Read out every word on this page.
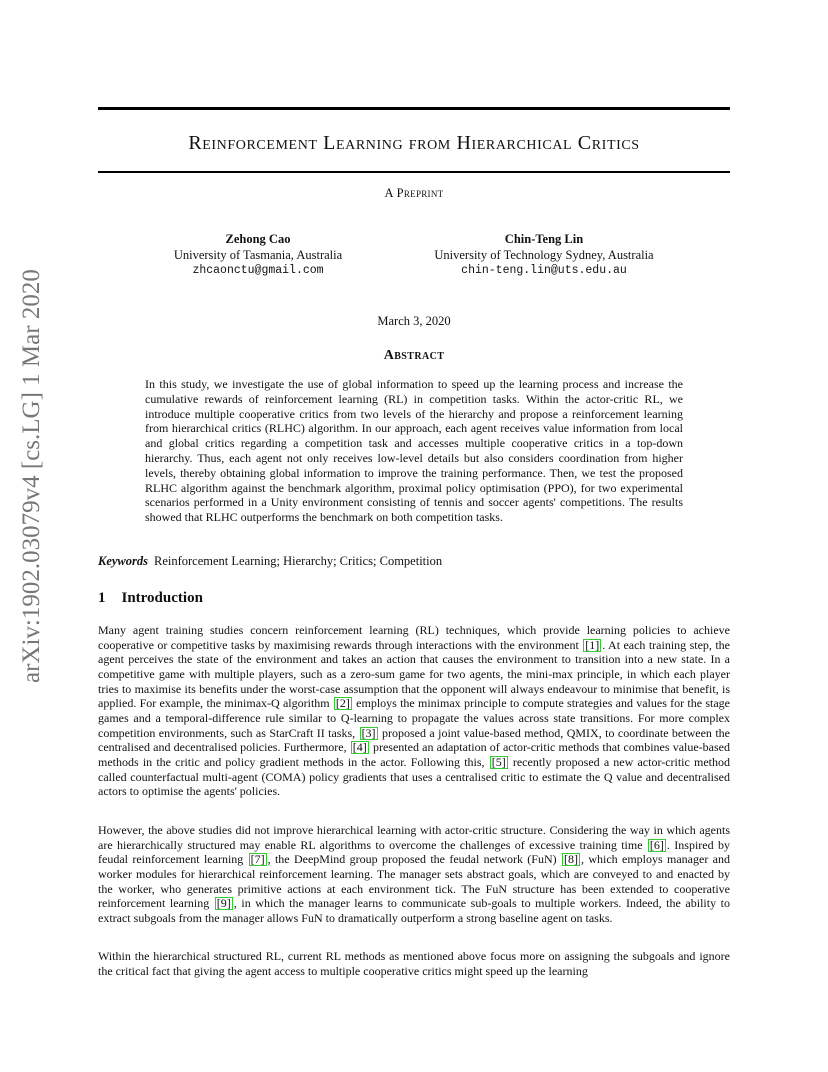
arXiv:1902.03079v4 [cs.LG] 1 Mar 2020
Reinforcement Learning from Hierarchical Critics
A Preprint
Zehong Cao
University of Tasmania, Australia
zhcaonctu@gmail.com
Chin-Teng Lin
University of Technology Sydney, Australia
chin-teng.lin@uts.edu.au
March 3, 2020
Abstract
In this study, we investigate the use of global information to speed up the learning process and increase the cumulative rewards of reinforcement learning (RL) in competition tasks. Within the actor-critic RL, we introduce multiple cooperative critics from two levels of the hierarchy and propose a reinforcement learning from hierarchical critics (RLHC) algorithm. In our approach, each agent receives value information from local and global critics regarding a competition task and accesses multiple cooperative critics in a top-down hierarchy. Thus, each agent not only receives low-level details but also considers coordination from higher levels, thereby obtaining global information to improve the training performance. Then, we test the proposed RLHC algorithm against the benchmark algorithm, proximal policy optimisation (PPO), for two experimental scenarios performed in a Unity environment consisting of tennis and soccer agents' competitions. The results showed that RLHC outperforms the benchmark on both competition tasks.
Keywords Reinforcement Learning; Hierarchy; Critics; Competition
1 Introduction
Many agent training studies concern reinforcement learning (RL) techniques, which provide learning policies to achieve cooperative or competitive tasks by maximising rewards through interactions with the environment [1] . At each training step, the agent perceives the state of the environment and takes an action that causes the environment to transition into a new state. In a competitive game with multiple players, such as a zero-sum game for two agents, the mini-max principle, in which each player tries to maximise its benefits under the worst-case assumption that the opponent will always endeavour to minimise that benefit, is applied. For example, the minimax-Q algorithm [2] employs the minimax principle to compute strategies and values for the stage games and a temporal-difference rule similar to Q-learning to propagate the values across state transitions. For more complex competition environments, such as StarCraft II tasks, [3] proposed a joint value-based method, QMIX, to coordinate between the centralised and decentralised policies. Furthermore, [4] presented an adaptation of actor-critic methods that combines value-based methods in the critic and policy gradient methods in the actor. Following this, [5] recently proposed a new actor-critic method called counterfactual multi-agent (COMA) policy gradients that uses a centralised critic to estimate the Q value and decentralised actors to optimise the agents' policies.
However, the above studies did not improve hierarchical learning with actor-critic structure. Considering the way in which agents are hierarchically structured may enable RL algorithms to overcome the challenges of excessive training time [6] . Inspired by feudal reinforcement learning [7] , the DeepMind group proposed the feudal network (FuN) [8] , which employs manager and worker modules for hierarchical reinforcement learning. The manager sets abstract goals, which are conveyed to and enacted by the worker, who generates primitive actions at each environment tick. The FuN structure has been extended to cooperative reinforcement learning [9] , in which the manager learns to communicate sub-goals to multiple workers. Indeed, the ability to extract subgoals from the manager allows FuN to dramatically outperform a strong baseline agent on tasks.
Within the hierarchical structured RL, current RL methods as mentioned above focus more on assigning the subgoals and ignore the critical fact that giving the agent access to multiple cooperative critics might speed up the learning
